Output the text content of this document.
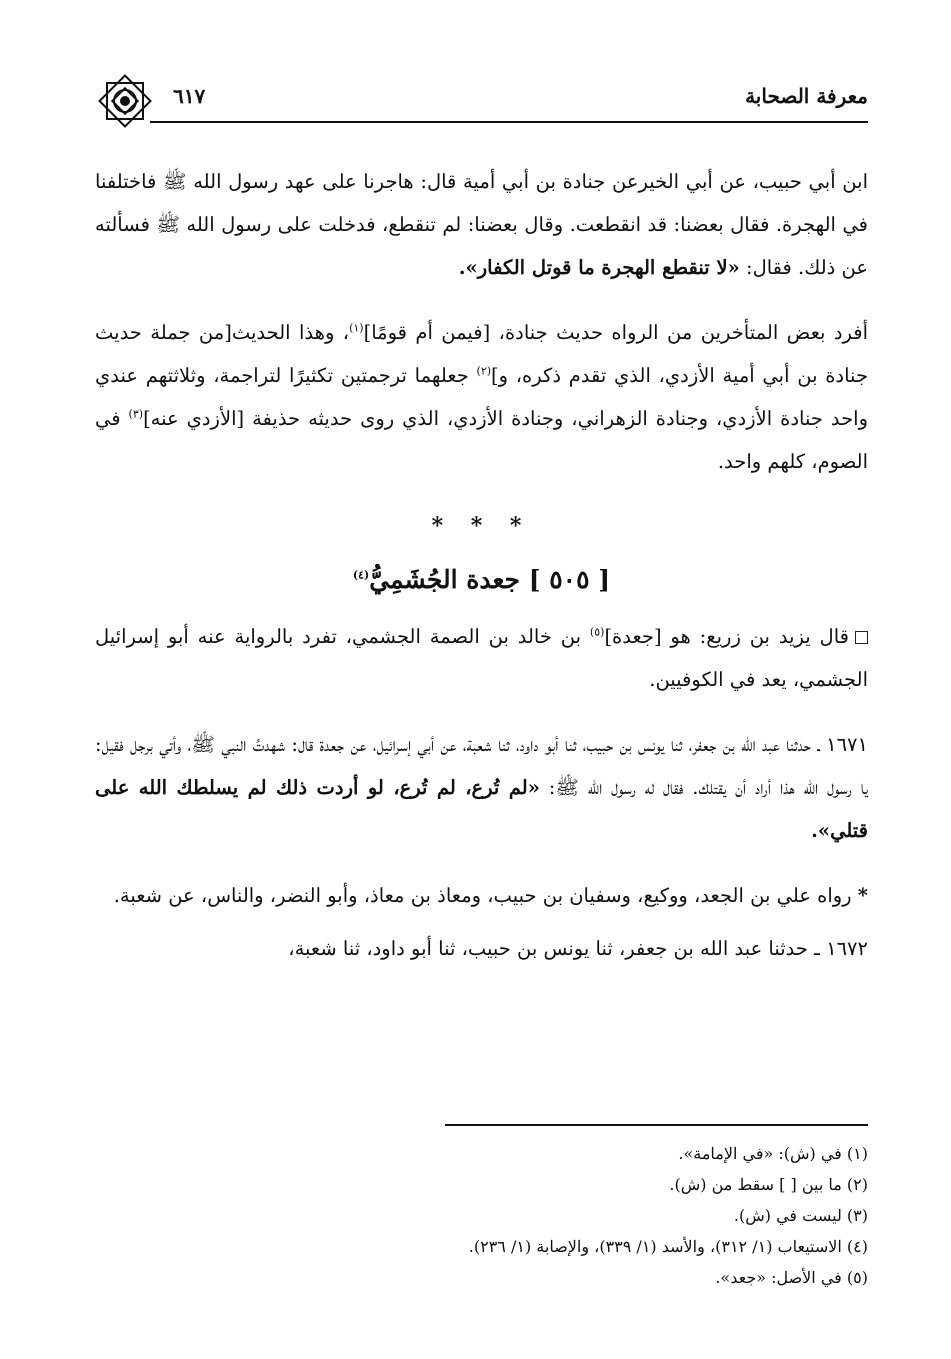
معرفة الصحابة
٦١٧

ابن أبي حبيب، عن أبي الخيرعن جنادة بن أبي أمية قال: هاجرنا على عهد رسول الله ﷺ فاختلفنا في الهجرة. فقال بعضنا: قد انقطعت. وقال بعضنا: لم تنقطع، فدخلت على رسول الله ﷺ فسألته عن ذلك. فقال: «لا تنقطع الهجرة ما قوتل الكفار».

أفرد بعض المتأخرين من الرواه حديث جنادة، [فيمن أم قومًا]$^{(١)}$، وهذا الحديث[من جملة حديث جنادة بن أبي أمية الأزدي، الذي تقدم ذكره، و]$^{(٢)}$ جعلهما ترجمتين تكثيرًا لتراجمة، وثلاثتهم عندي واحد جنادة الأزدي، وجنادة الزهراني، وجنادة الأزدي، الذي روى حديثه حذيفة [الأزدي عنه]$^{(٣)}$ في الصوم، كلهم واحد.

* * *
[ ٥٠٥ ] جعدة الجُشَمِيُّ$^{(٤)}$

قال يزيد بن زريع: هو [جعدة]$^{(٥)}$ بن خالد بن الصمة الجشمي، تفرد بالرواية عنه أبو إسرائيل الجشمي، يعد في الكوفيين.

١٦٧١ ـ حدثنا عبد الله بن جعفر، ثنا يونس بن حبيب، ثنا أبو داود، ثنا شعبة، عن أبي إسرائيل، عن جعدة قال: شهدتُ النبي ﷺ، وأتي برجل فقيل: يا رسول الله هذا أراد أن يقتلك. فقال له رسول الله ﷺ: «لم تُرع، لم تُرع، لو أردت ذلك لم يسلطك الله على قتلي».

* رواه علي بن الجعد، ووكيع، وسفيان بن حبيب، ومعاذ بن معاذ، وأبو النضر، والناس، عن شعبة.

١٦٧٢ ـ حدثنا عبد الله بن جعفر، ثنا يونس بن حبيب، ثنا أبو داود، ثنا شعبة،

(١) في (ش): «في الإمامة».
(٢) ما بين [ ] سقط من (ش).
(٣) ليست في (ش).
(٤) الاستيعاب (١/ ٣١٢)، والأسد (١/ ٣٣٩)، والإصابة (١/ ٢٣٦).
(٥) في الأصل: «جعد».
